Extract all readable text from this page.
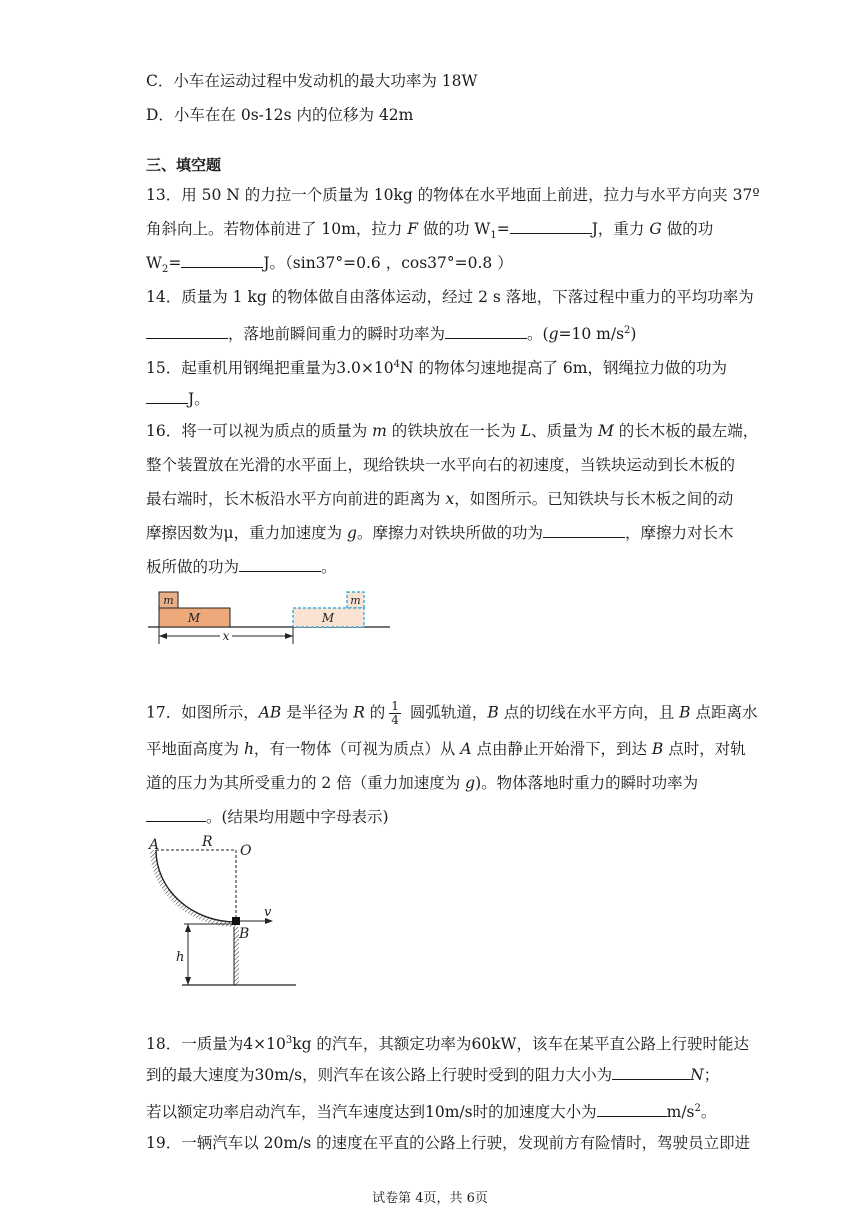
C．小车在运动过程中发动机的最大功率为 18W
D．小车在在 0s-12s 内的位移为 42m
三、填空题
13．用 50 N 的力拉一个质量为 10kg 的物体在水平地面上前进，拉力与水平方向夹 37º
角斜向上。若物体前进了 10m，拉力 F 做的功 $W_1=$	J，重力 G 做的功
$W_2=$	J。（sin37°=0.6 ，cos37°=0.8 ）
14．质量为 1 kg 的物体做自由落体运动，经过 2 s 落地，下落过程中重力的平均功率为
，落地前瞬间重力的瞬时功率为	。(g=10 $m/s^2$)
15．起重机用钢绳把重量为$3.0\times 10^4N$ 的物体匀速地提高了 6m，钢绳拉力做的功为
J。
16．将一可以视为质点的质量为 m 的铁块放在一长为 L、质量为 M 的长木板的最左端，
整个装置放在光滑的水平面上，现给铁块一水平向右的初速度，当铁块运动到长木板的
最右端时，长木板沿水平方向前进的距离为 x，如图所示。已知铁块与长木板之间的动
摩擦因数为μ，重力加速度为 g。摩擦力对铁块所做的功为	，摩擦力对长木
板所做的功为	。
m
M
m
M
x
17．如图所示，AB 是半径为 R 的 $\frac{1}{4}$ 圆弧轨道，B 点的切线在水平方向，且 B 点距离水
平地面高度为 h，有一物体（可视为质点）从 A 点由静止开始滑下，到达 B 点时，对轨
道的压力为其所受重力的 2 倍（重力加速度为 g)。物体落地时重力的瞬时功率为
。(结果均用题中字母表示)
A	R
O
v
B
h
18．一质量为$4\times 10^3kg$ 的汽车，其额定功率为60kW，该车在某平直公路上行驶时能达
到的最大速度为30m/s，则汽车在该公路上行驶时受到的阻力大小为	N；
若以额定功率启动汽车，当汽车速度达到10m/s时的加速度大小为	$m/s^2$。
19．一辆汽车以 20m/s 的速度在平直的公路上行驶，发现前方有险情时，驾驶员立即进
试卷第 4页，共 6页
